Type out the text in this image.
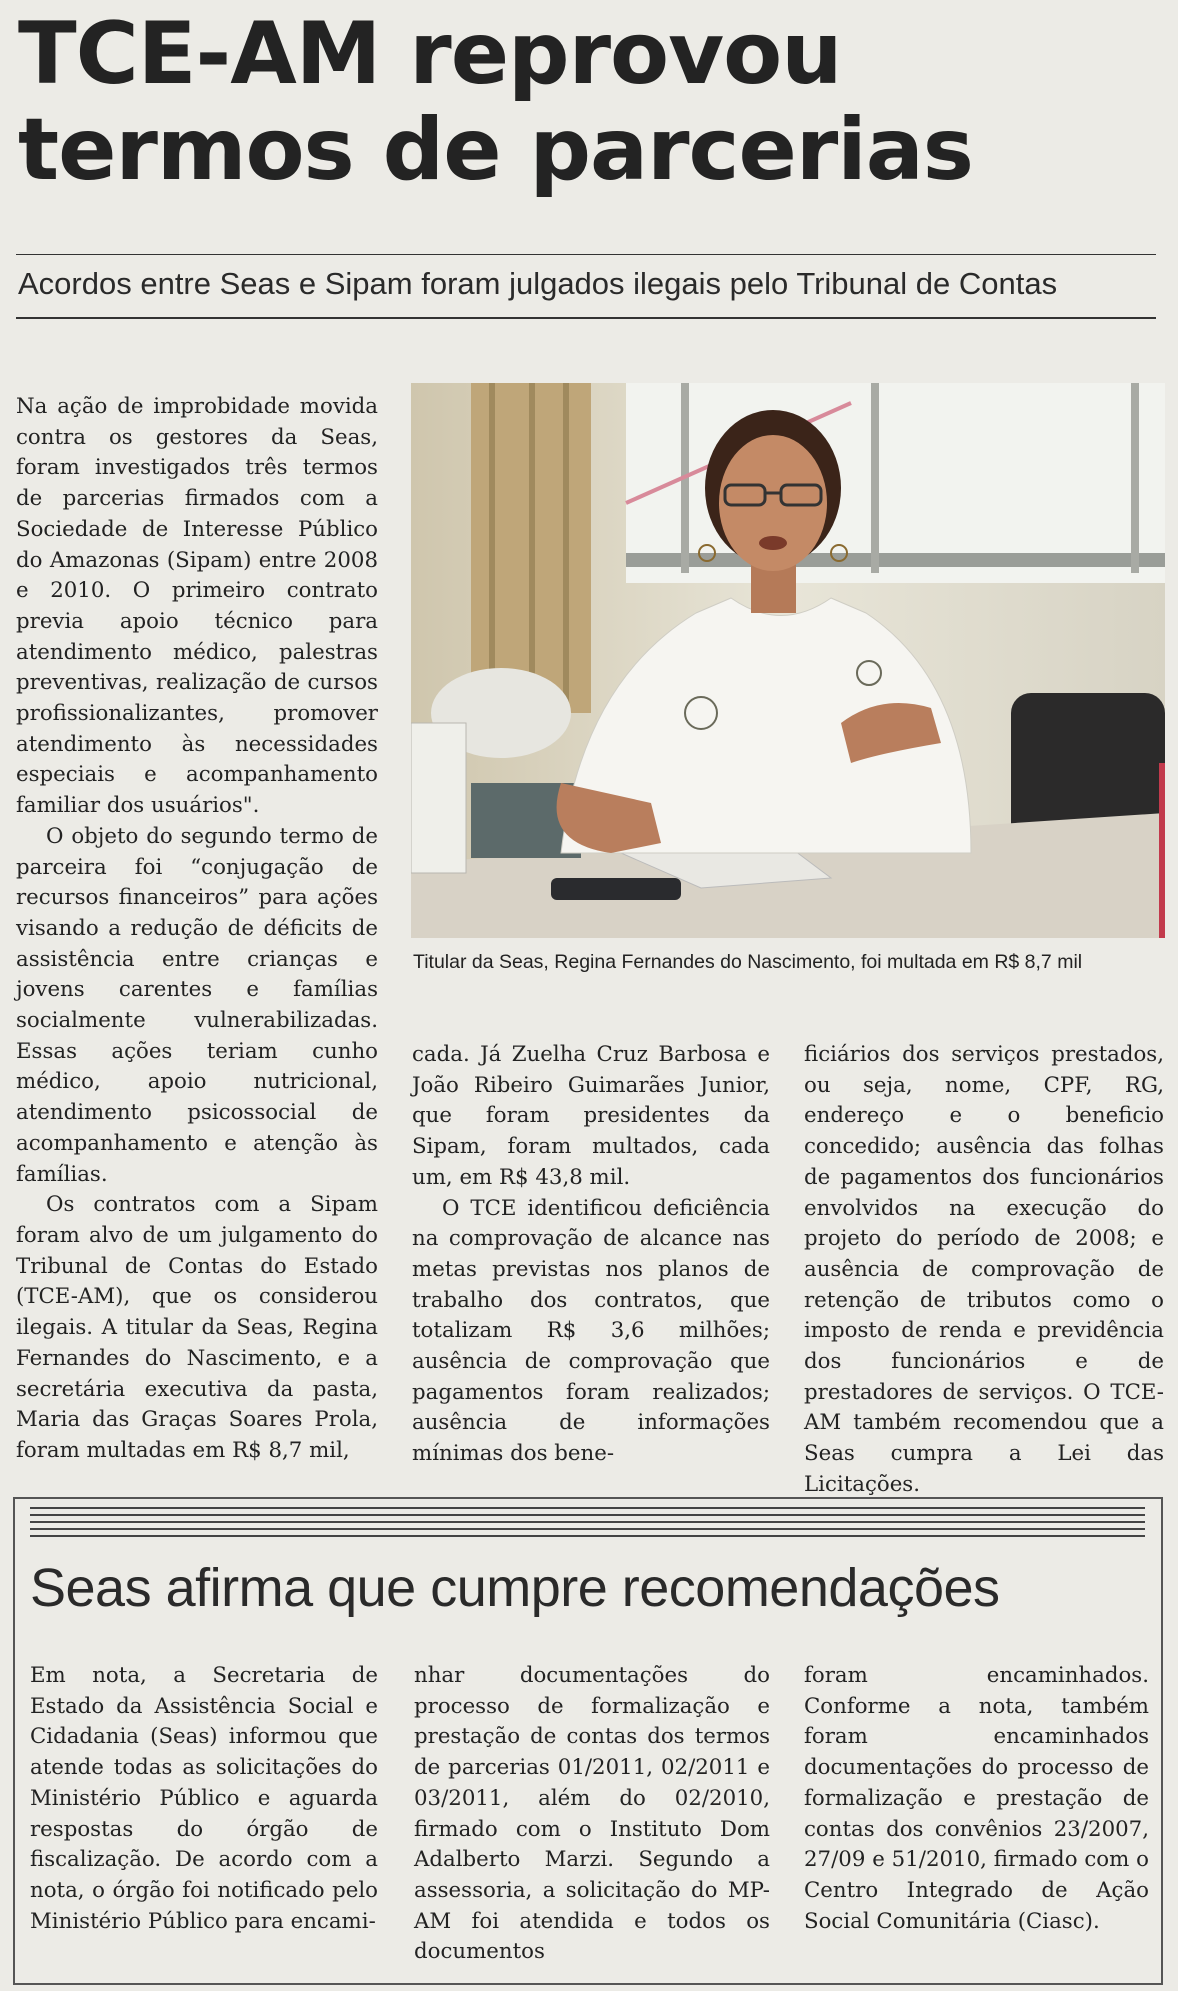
TCE-AM reprovou
termos de parcerias
Acordos entre Seas e Sipam foram julgados ilegais pelo Tribunal de Contas

Na ação de improbidade movida contra os gestores da Seas, foram investigados três termos de parcerias firmados com a Sociedade de Interesse Público do Amazonas (Sipam) entre 2008 e 2010. O primeiro contrato previa apoio técnico para atendimento médico, palestras preventivas, realização de cursos profissionalizantes, promover atendimento às necessidades especiais e acompanhamento familiar dos usuários".

O objeto do segundo termo de parceira foi “conjugação de recursos financeiros” para ações visando a redução de déficits de assistência entre crianças e jovens carentes e famílias socialmente vulnerabilizadas. Essas ações teriam cunho médico, apoio nutricional, atendimento psicossocial de acompanhamento e atenção às famílias.

Os contratos com a Sipam foram alvo de um julgamento do Tribunal de Contas do Estado (TCE-AM), que os considerou ilegais. A titular da Seas, Regina Fernandes do Nascimento, e a secretária executiva da pasta, Maria das Graças Soares Prola, foram multadas em R$ 8,7 mil,

Titular da Seas, Regina Fernandes do Nascimento, foi multada em R$ 8,7 mil

cada. Já Zuelha Cruz Barbosa e João Ribeiro Guimarães Junior, que foram presidentes da Sipam, foram multados, cada um, em R$ 43,8 mil.

O TCE identificou deficiência na comprovação de alcance nas metas previstas nos planos de trabalho dos contratos, que totalizam R$ 3,6 milhões; ausência de comprovação que pagamentos foram realizados; ausência de informações mínimas dos bene-

ficiários dos serviços prestados, ou seja, nome, CPF, RG, endereço e o beneficio concedido; ausência das folhas de pagamentos dos funcionários envolvidos na execução do projeto do período de 2008; e ausência de comprovação de retenção de tributos como o imposto de renda e previdência dos funcionários e de prestadores de serviços. O TCE-AM também recomendou que a Seas cumpra a Lei das Licitações.

Seas afirma que cumpre recomendações

Em nota, a Secretaria de Estado da Assistência Social e Cidadania (Seas) informou que atende todas as solicitações do Ministério Público e aguarda respostas do órgão de fiscalização. De acordo com a nota, o órgão foi notificado pelo Ministério Público para encami-

nhar documentações do processo de formalização e prestação de contas dos termos de parcerias 01/2011, 02/2011 e 03/2011, além do 02/2010, firmado com o Instituto Dom Adalberto Marzi. Segundo a assessoria, a solicitação do MP-AM foi atendida e todos os documentos

foram encaminhados. Conforme a nota, também foram encaminhados documentações do processo de formalização e prestação de contas dos convênios 23/2007, 27/09 e 51/2010, firmado com o Centro Integrado de Ação Social Comunitária (Ciasc).
